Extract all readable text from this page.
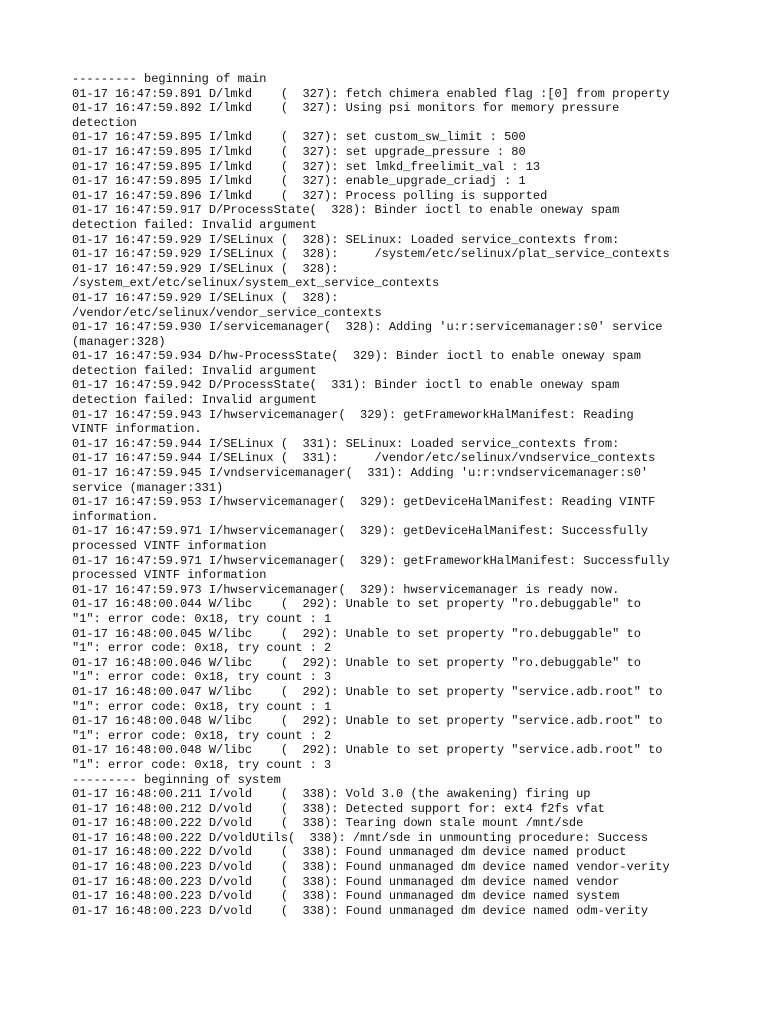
--------- beginning of main
01-17 16:47:59.891 D/lmkd    (  327): fetch chimera enabled flag :[0] from property
01-17 16:47:59.892 I/lmkd    (  327): Using psi monitors for memory pressure
detection
01-17 16:47:59.895 I/lmkd    (  327): set custom_sw_limit : 500
01-17 16:47:59.895 I/lmkd    (  327): set upgrade_pressure : 80
01-17 16:47:59.895 I/lmkd    (  327): set lmkd_freelimit_val : 13
01-17 16:47:59.895 I/lmkd    (  327): enable_upgrade_criadj : 1
01-17 16:47:59.896 I/lmkd    (  327): Process polling is supported
01-17 16:47:59.917 D/ProcessState(  328): Binder ioctl to enable oneway spam
detection failed: Invalid argument
01-17 16:47:59.929 I/SELinux (  328): SELinux: Loaded service_contexts from:
01-17 16:47:59.929 I/SELinux (  328):     /system/etc/selinux/plat_service_contexts
01-17 16:47:59.929 I/SELinux (  328):
/system_ext/etc/selinux/system_ext_service_contexts
01-17 16:47:59.929 I/SELinux (  328):
/vendor/etc/selinux/vendor_service_contexts
01-17 16:47:59.930 I/servicemanager(  328): Adding 'u:r:servicemanager:s0' service
(manager:328)
01-17 16:47:59.934 D/hw-ProcessState(  329): Binder ioctl to enable oneway spam
detection failed: Invalid argument
01-17 16:47:59.942 D/ProcessState(  331): Binder ioctl to enable oneway spam
detection failed: Invalid argument
01-17 16:47:59.943 I/hwservicemanager(  329): getFrameworkHalManifest: Reading
VINTF information.
01-17 16:47:59.944 I/SELinux (  331): SELinux: Loaded service_contexts from:
01-17 16:47:59.944 I/SELinux (  331):     /vendor/etc/selinux/vndservice_contexts
01-17 16:47:59.945 I/vndservicemanager(  331): Adding 'u:r:vndservicemanager:s0'
service (manager:331)
01-17 16:47:59.953 I/hwservicemanager(  329): getDeviceHalManifest: Reading VINTF
information.
01-17 16:47:59.971 I/hwservicemanager(  329): getDeviceHalManifest: Successfully
processed VINTF information
01-17 16:47:59.971 I/hwservicemanager(  329): getFrameworkHalManifest: Successfully
processed VINTF information
01-17 16:47:59.973 I/hwservicemanager(  329): hwservicemanager is ready now.
01-17 16:48:00.044 W/libc    (  292): Unable to set property "ro.debuggable" to
"1": error code: 0x18, try count : 1
01-17 16:48:00.045 W/libc    (  292): Unable to set property "ro.debuggable" to
"1": error code: 0x18, try count : 2
01-17 16:48:00.046 W/libc    (  292): Unable to set property "ro.debuggable" to
"1": error code: 0x18, try count : 3
01-17 16:48:00.047 W/libc    (  292): Unable to set property "service.adb.root" to
"1": error code: 0x18, try count : 1
01-17 16:48:00.048 W/libc    (  292): Unable to set property "service.adb.root" to
"1": error code: 0x18, try count : 2
01-17 16:48:00.048 W/libc    (  292): Unable to set property "service.adb.root" to
"1": error code: 0x18, try count : 3
--------- beginning of system
01-17 16:48:00.211 I/vold    (  338): Vold 3.0 (the awakening) firing up
01-17 16:48:00.212 D/vold    (  338): Detected support for: ext4 f2fs vfat
01-17 16:48:00.222 D/vold    (  338): Tearing down stale mount /mnt/sde
01-17 16:48:00.222 D/voldUtils(  338): /mnt/sde in unmounting procedure: Success
01-17 16:48:00.222 D/vold    (  338): Found unmanaged dm device named product
01-17 16:48:00.223 D/vold    (  338): Found unmanaged dm device named vendor-verity
01-17 16:48:00.223 D/vold    (  338): Found unmanaged dm device named vendor
01-17 16:48:00.223 D/vold    (  338): Found unmanaged dm device named system
01-17 16:48:00.223 D/vold    (  338): Found unmanaged dm device named odm-verity
